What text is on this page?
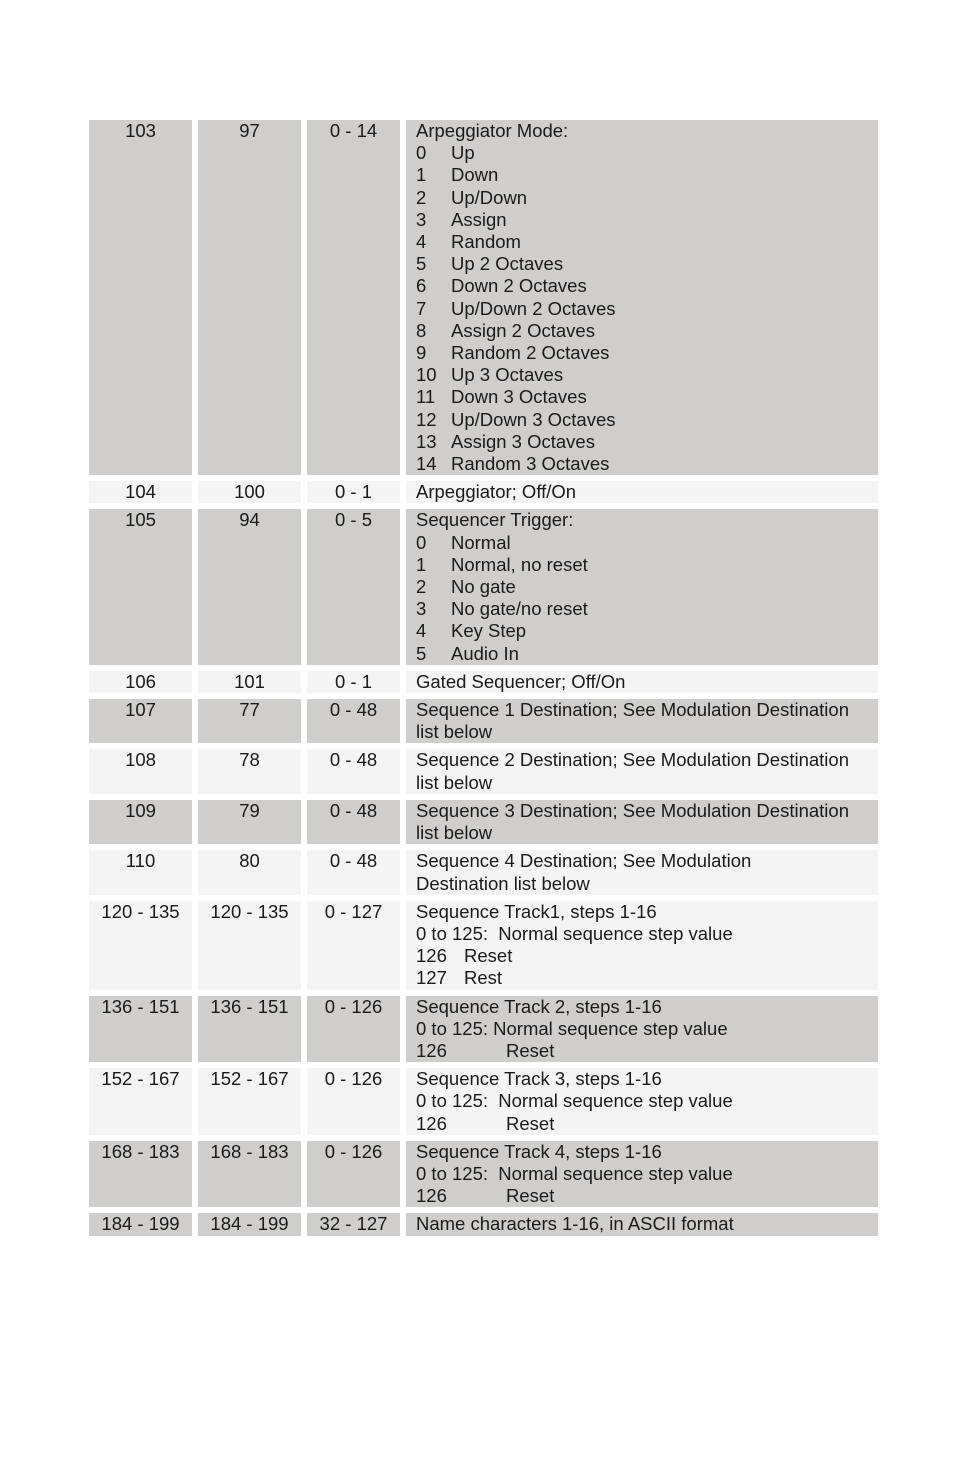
103	97	0 - 14	Arpeggiator Mode:
0 Up
1 Down
2 Up/Down
3 Assign
4 Random
5 Up 2 Octaves
6 Down 2 Octaves
7 Up/Down 2 Octaves
8 Assign 2 Octaves
9 Random 2 Octaves
10 Up 3 Octaves
11 Down 3 Octaves
12 Up/Down 3 Octaves
13 Assign 3 Octaves
14 Random 3 Octaves
104	100	0 - 1	Arpeggiator; Off/On
105	94	0 - 5	Sequencer Trigger:
0 Normal
1 Normal, no reset
2 No gate
3 No gate/no reset
4 Key Step
5 Audio In
106	101	0 - 1	Gated Sequencer; Off/On
107	77	0 - 48	Sequence 1 Destination; See Modulation Destination list below
108	78	0 - 48	Sequence 2 Destination; See Modulation Destination list below
109	79	0 - 48	Sequence 3 Destination; See Modulation Destination list below
110	80	0 - 48	Sequence 4 Destination; See Modulation Destination list below
120 - 135	120 - 135	0 - 127	Sequence Track1, steps 1-16
0 to 125:  Normal sequence step value
126 Reset
127 Rest
136 - 151	136 - 151	0 - 126	Sequence Track 2, steps 1-16
0 to 125: Normal sequence step value
126	Reset
152 - 167	152 - 167	0 - 126	Sequence Track 3, steps 1-16
0 to 125:  Normal sequence step value
126	Reset
168 - 183	168 - 183	0 - 126	Sequence Track 4, steps 1-16
0 to 125:  Normal sequence step value
126	Reset
184 - 199	184 - 199	32 - 127	Name characters 1-16, in ASCII format
